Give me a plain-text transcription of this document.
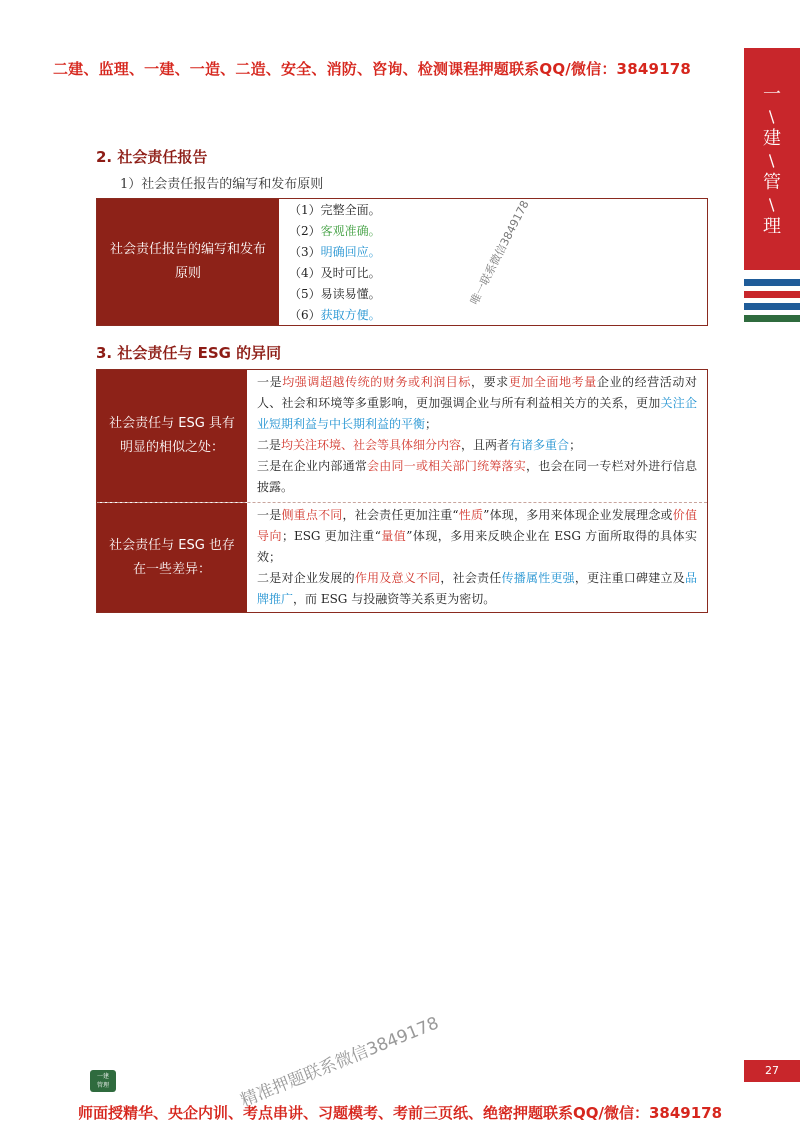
二建、监理、一建、一造、二造、安全、消防、咨询、检测课程押题联系QQ/微信：3849178
一
/
建
/
管
/
理
2. 社会责任报告
1）社会责任报告的编写和发布原则
社会责任报告的编写和发布原则
（1）完整全面。
（2）客观准确。
（3）明确回应。
（4）及时可比。
（5）易读易懂。
（6）获取方便。
3. 社会责任与 ESG 的异同
社会责任与 ESG 具有明显的相似之处：
一是均强调超越传统的财务或利润目标，要求更加全面地考量企业的经营活动对人、社会和环境等多重影响，更加强调企业与所有利益相关方的关系，更加关注企业短期利益与中长期利益的平衡；
二是均关注环境、社会等具体细分内容，且两者有诸多重合；
三是在企业内部通常会由同一或相关部门统筹落实，也会在同一专栏对外进行信息披露。
社会责任与 ESG 也存在一些差异：
一是侧重点不同，社会责任更加注重“性质”体现，多用来体现企业发展理念或价值导向；ESG 更加注重“量值”体现，多用来反映企业在 ESG 方面所取得的具体实效；
二是对企业发展的作用及意义不同，社会责任传播属性更强，更注重口碑建立及品牌推广，而 ESG 与投融资等关系更为密切。
唯一联系微信3849178
精准押题联系微信3849178
一建
管理
27
师面授精华、央企内训、考点串讲、习题模考、考前三页纸、绝密押题联系QQ/微信：3849178
